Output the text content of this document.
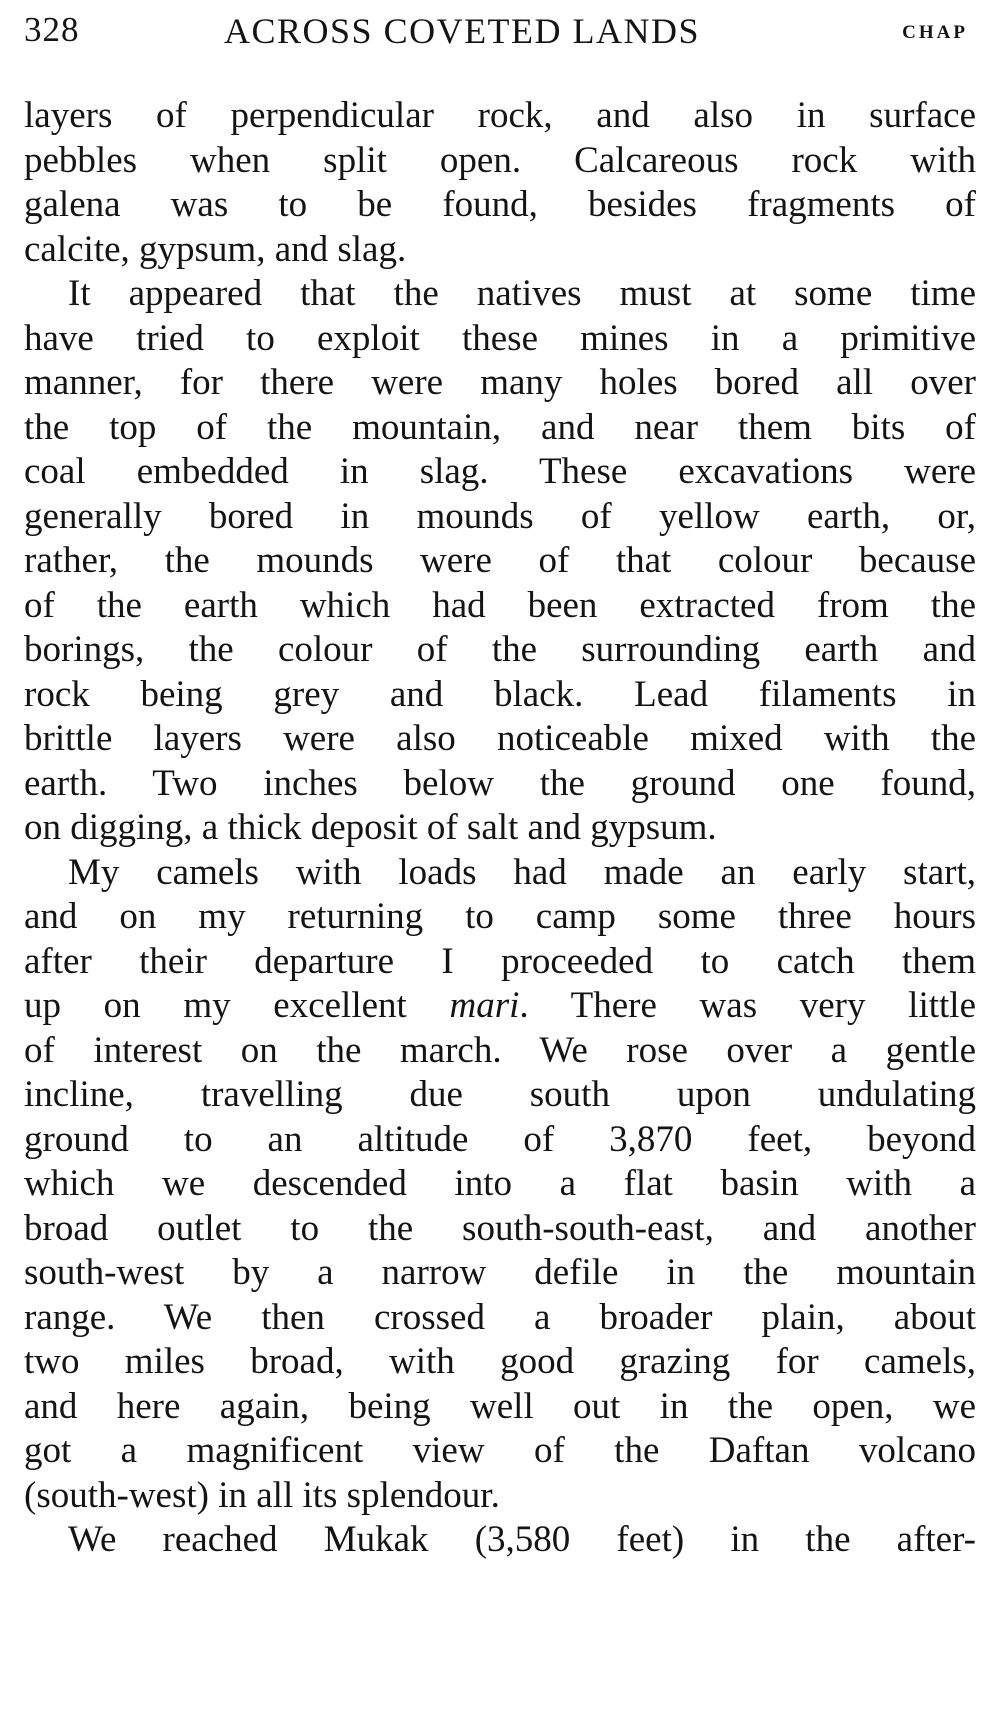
328	ACROSS COVETED LANDS	CHAP
layers of perpendicular rock, and also in surface
pebbles when split open. Calcareous rock with
galena was to be found, besides fragments of
calcite, gypsum, and slag.
It appeared that the natives must at some time
have tried to exploit these mines in a primitive
manner, for there were many holes bored all over
the top of the mountain, and near them bits of
coal embedded in slag. These excavations were
generally bored in mounds of yellow earth, or,
rather, the mounds were of that colour because
of the earth which had been extracted from the
borings, the colour of the surrounding earth and
rock being grey and black. Lead filaments in
brittle layers were also noticeable mixed with the
earth. Two inches below the ground one found,
on digging, a thick deposit of salt and gypsum.
My camels with loads had made an early start,
and on my returning to camp some three hours
after their departure I proceeded to catch them
up on my excellent mari. There was very little
of interest on the march. We rose over a gentle
incline, travelling due south upon undulating
ground to an altitude of 3,870 feet, beyond
which we descended into a flat basin with a
broad outlet to the south-south-east, and another
south-west by a narrow defile in the mountain
range. We then crossed a broader plain, about
two miles broad, with good grazing for camels,
and here again, being well out in the open, we
got a magnificent view of the Daftan volcano
(south-west) in all its splendour.
We reached Mukak (3,580 feet) in the after-
